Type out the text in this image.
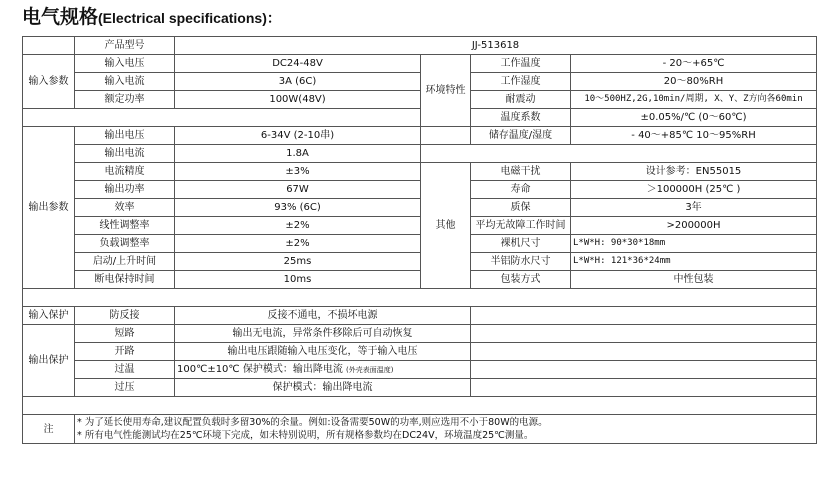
电气规格(Electrical specifications)：
	产品型号	JJ-513618			
输入参数	输入电压	DC24-48V	环境特性	工作温度	- 20～+65℃
	输入电流	3A (6C)		工作湿度	20～80%RH
	额定功率	100W(48V)		耐震动	10～500HZ,2G,10min/周期, X、Y、Z方向各60min
				温度系数	±0.05%/℃ (0～60℃)
输出参数	输出电压	6-34V (2-10串)		储存温度/湿度	- 40～+85℃ 10～95%RH
	输出电流	1.8A			
	电流精度	±3%	其他	电磁干扰	设计参考：EN55015
	输出功率	67W		寿命	＞100000H (25℃ )
	效率	93% (6C)		质保	3年
	线性调整率	±2%		平均无故障工作时间	>200000H
	负载调整率	±2%		裸机尺寸	L*W*H: 90*30*18mm
	启动/上升时间	25ms		半铝防水尺寸	L*W*H: 121*36*24mm
	断电保持时间	10ms		包装方式	中性包装

输入保护	防反接	反接不通电，不损坏电源			
输出保护	短路	输出无电流，异常条件移除后可自动恢复			
	开路	输出电压跟随输入电压变化，等于输入电压			
	过温	100℃±10℃ 保护模式：输出降电流 (外壳表面温度)			
	过压	保护模式：输出降电流			

注	* 为了延长使用寿命,建议配置负载时多留30%的余量。例如:设备需要50W的功率,则应选用不小于80W的电源。
* 所有电气性能测试均在25℃环境下完成，如未特别说明，所有规格参数均在DC24V，环境温度25℃测量。				
